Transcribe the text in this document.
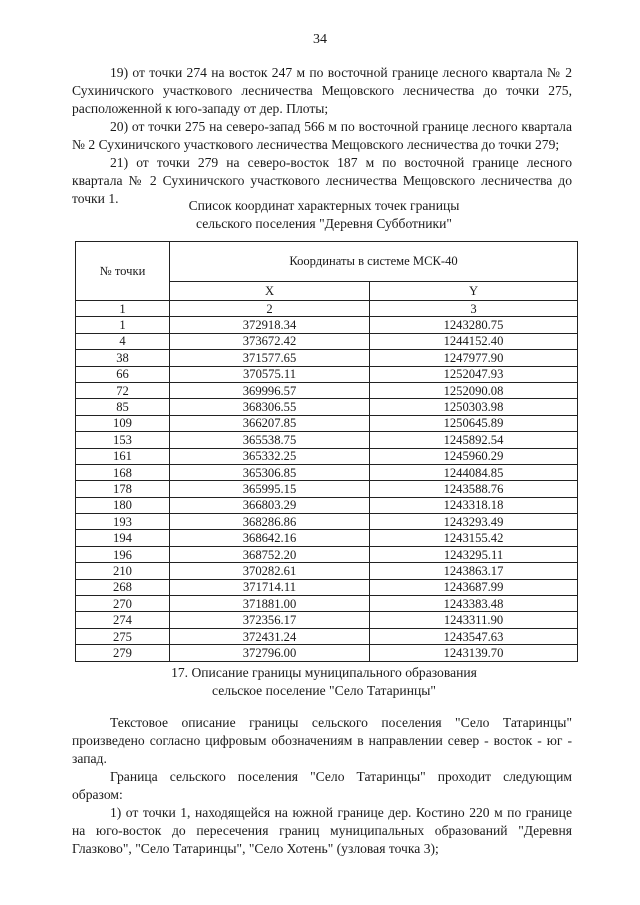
34
19) от точки 274 на восток 247 м по восточной границе лесного квартала № 2 Сухиничского участкового лесничества Мещовского лесничества до точки 275, расположенной к юго-западу от дер. Плоты;
20) от точки 275 на северо-запад 566 м по восточной границе лесного квартала № 2 Сухиничского участкового лесничества Мещовского лесничества до точки 279;
21) от точки 279 на северо-восток 187 м по восточной границе лесного квартала № 2 Сухиничского участкового лесничества Мещовского лесничества до точки 1.	Список координат характерных точек границы
сельского поселения "Деревня Субботники"
№ точки	Координаты в системе МСК-40	
	X	Y
1	2	3
1	372918.34	1243280.75
4	373672.42	1244152.40
38	371577.65	1247977.90
66	370575.11	1252047.93
72	369996.57	1252090.08
85	368306.55	1250303.98
109	366207.85	1250645.89
153	365538.75	1245892.54
161	365332.25	1245960.29
168	365306.85	1244084.85
178	365995.15	1243588.76
180	366803.29	1243318.18
193	368286.86	1243293.49
194	368642.16	1243155.42
196	368752.20	1243295.11
210	370282.61	1243863.17
268	371714.11	1243687.99
270	371881.00	1243383.48
274	372356.17	1243311.90
275	372431.24	1243547.63
279	372796.00	1243139.70
17. Описание границы муниципального образования
сельское поселение "Село Татаринцы"
Текстовое описание границы сельского поселения "Село Татаринцы" произведено согласно цифровым обозначениям в направлении север - восток - юг - запад.
Граница сельского поселения "Село Татаринцы" проходит следующим образом:
1) от точки 1, находящейся на южной границе дер. Костино 220 м по границе на юго-восток до пересечения границ муниципальных образований "Деревня Глазково", "Село Татаринцы", "Село Хотень" (узловая точка 3);
